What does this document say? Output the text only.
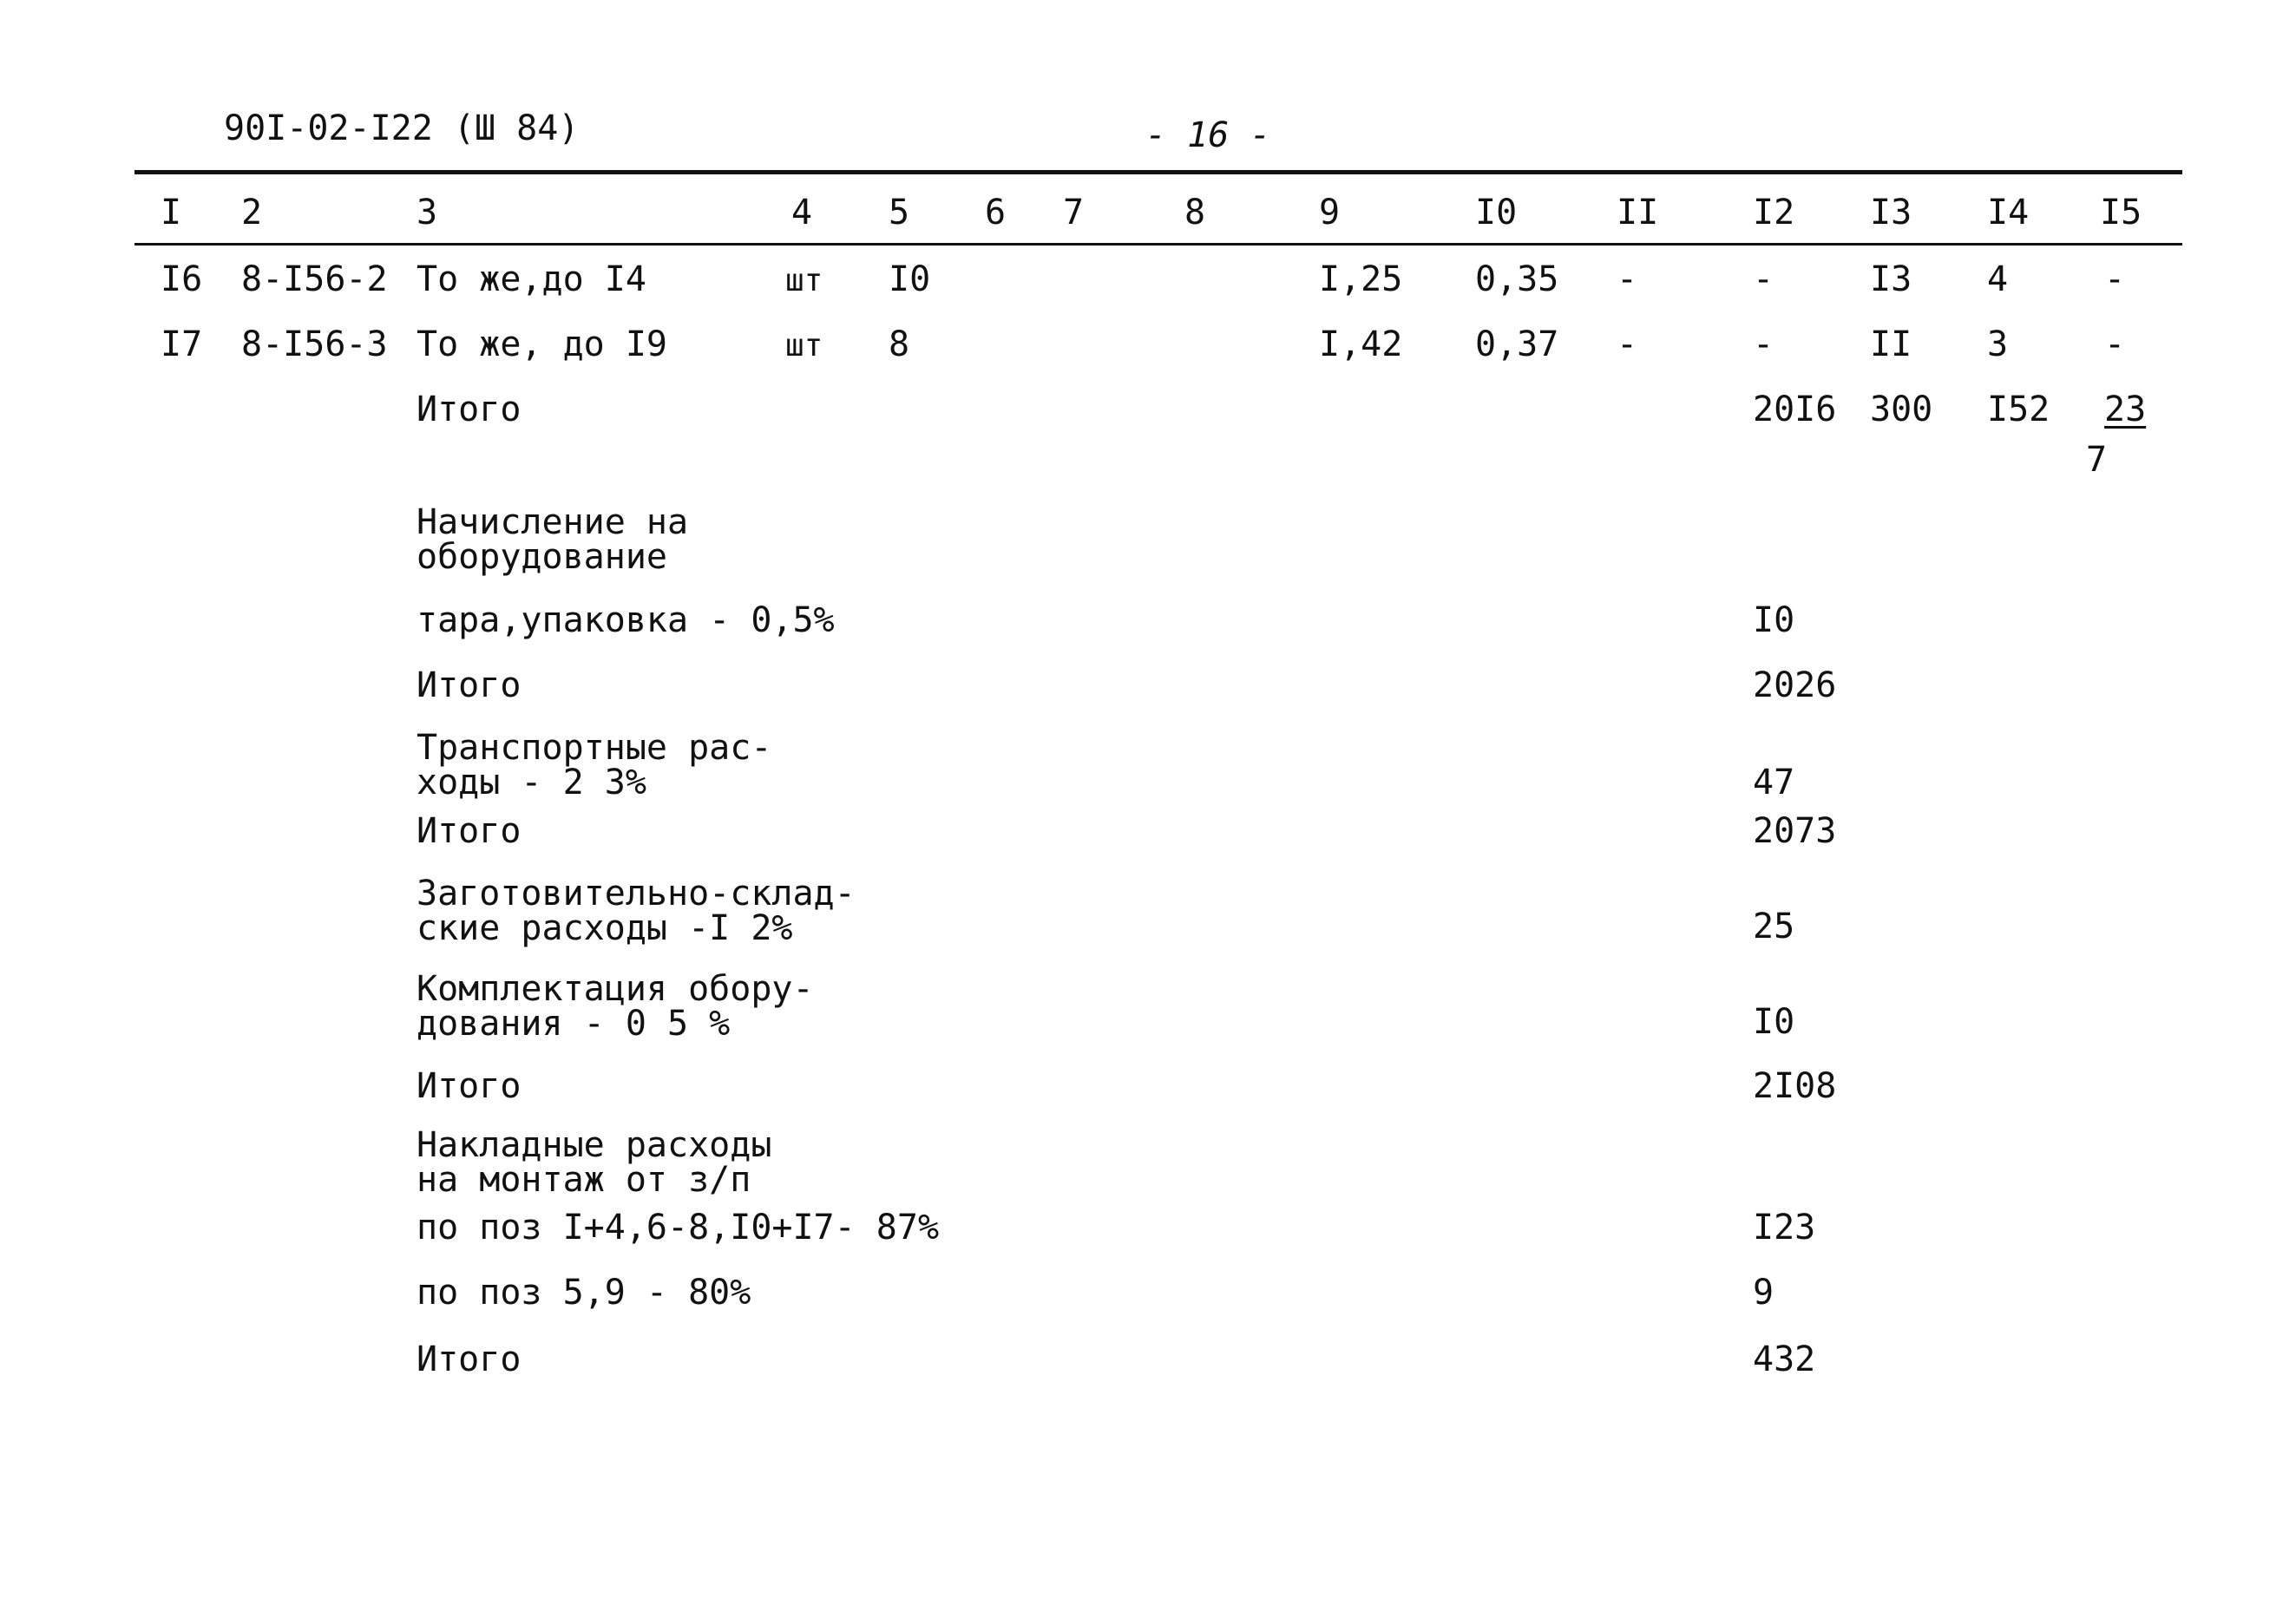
90I-02-I22 (Ш 84)	- 16 -
I 2	3	4 5 6 7	8	9	I0	II	I2 I3 I4 I5
I6 8-I56-2 То же,до I4	шт I0	I,25 0,35 -	-	I3 4	-
I7 8-I56-3 То же, до I9	шт 8	I,42 0,37 -	-	II 3	-
Итого	20I6 300 I52 23
7
Начисление на
оборудование
тара,упаковка - 0,5%	I0
Итого	2026
Транспортные рас-
ходы - 2 3%	47
Итого	2073
Заготовительно-склад-
ские расходы -I 2%	25
Комплектация обору-
дования - 0 5 %	I0
Итого	2I08
Накладные расходы
на монтаж от з/п
по поз I+4,6-8,I0+I7- 87%	I23
по поз 5,9 - 80%	9
Итого	432
